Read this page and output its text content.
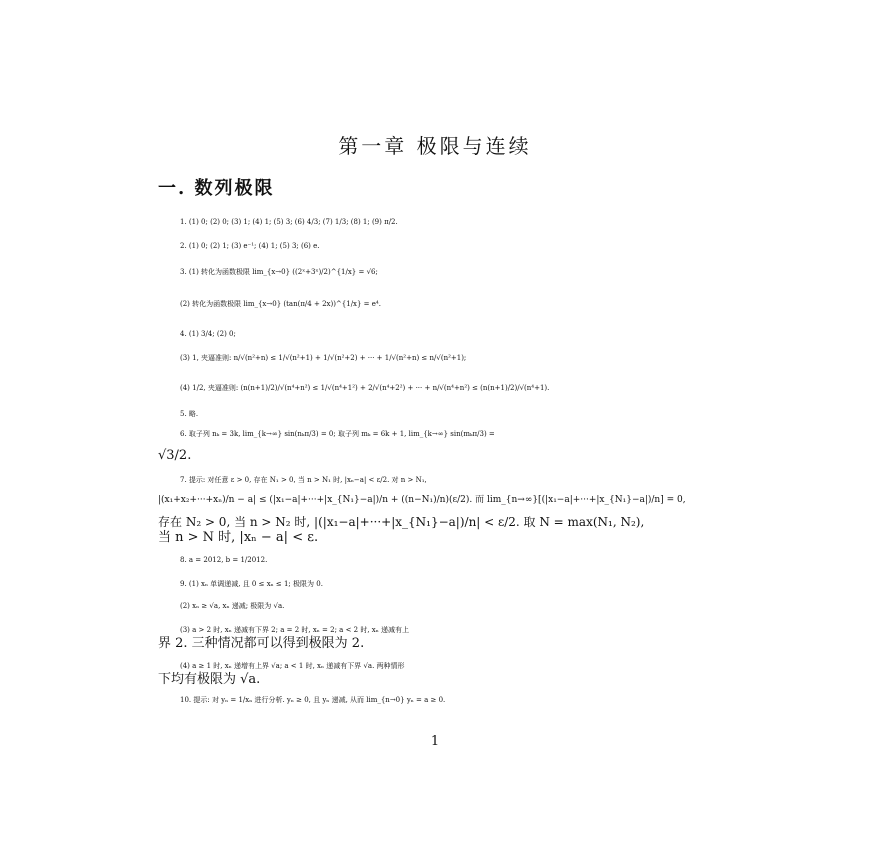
第一章 极限与连续
一. 数列极限
1. (1) 0; (2) 0; (3) 1; (4) 1; (5) 3; (6) 4/3; (7) 1/3; (8) 1; (9) π/2.
2. (1) 0; (2) 1; (3) e⁻¹; (4) 1; (5) 3; (6) e.
3. (1) 转化为函数极限 lim_{x→0} ((2ˣ+3ˣ)/2)^{1/x} = √6;
(2) 转化为函数极限 lim_{x→0} (tan(π/4 + 2x))^{1/x} = e⁴.
4. (1) 3/4; (2) 0;
(3) 1, 夹逼准则: n/√(n²+n) ≤ 1/√(n²+1) + 1/√(n²+2) + ··· + 1/√(n²+n) ≤ n/√(n²+1);
(4) 1/2, 夹逼准则: (n(n+1)/2)/√(n⁴+n²) ≤ 1/√(n⁴+1²) + 2/√(n⁴+2²) + ··· + n/√(n⁴+n²) ≤ (n(n+1)/2)/√(n⁴+1).
5. 略.
6. 取子列 nₖ = 3k, lim_{k→∞} sin(nₖπ/3) = 0; 取子列 mₖ = 6k + 1, lim_{k→∞} sin(mₖπ/3) =
√3/2.
7. 提示: 对任意 ε > 0, 存在 N₁ > 0, 当 n > N₁ 时, |xₙ−a| < ε/2. 对 n > N₁,
|(x₁+x₂+···+xₙ)/n − a| ≤ (|x₁−a|+···+|x_{N₁}−a|)/n + ((n−N₁)/n)(ε/2). 而 lim_{n→∞}[(|x₁−a|+···+|x_{N₁}−a|)/n] = 0,
存在 N₂ > 0, 当 n > N₂ 时, |(|x₁−a|+···+|x_{N₁}−a|)/n| < ε/2. 取 N = max(N₁, N₂),
当 n > N 时, |xₙ − a| < ε.
8. a = 2012, b = 1/2012.
9. (1) xₙ 单调递减, 且 0 ≤ xₙ ≤ 1; 极限为 0.
(2) xₙ ≥ √a, xₙ 递减; 极限为 √a.
(3) a > 2 时, xₙ 递减有下界 2; a = 2 时, xₙ = 2; a < 2 时, xₙ 递减有上
界 2. 三种情况都可以得到极限为 2.
(4) a ≥ 1 时, xₙ 递增有上界 √a; a < 1 时, xₙ 递减有下界 √a. 两种情形
下均有极限为 √a.
10. 提示: 对 yₙ = 1/xₙ 进行分析. yₙ ≥ 0, 且 yₙ 递减, 从而 lim_{n→0} yₙ = a ≥ 0.
1
